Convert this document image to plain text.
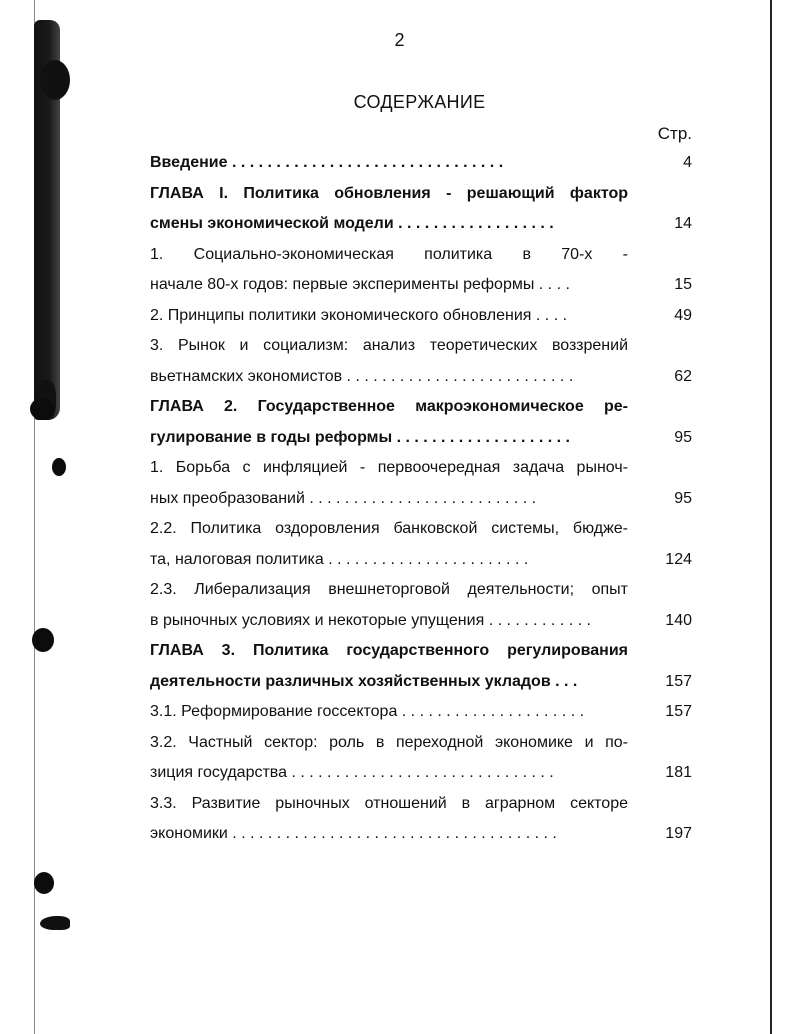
2
СОДЕРЖАНИЕ
Стр.
Введение . . . . . . . . . . . . . . . . . . . . . . . . . . . . . . .	4
ГЛАВА I. Политика обновления - решающий фактор
смены экономической модели . . . . . . . . . . . . . . . . . .	14
1. Социально-экономическая политика в 70-х -
начале 80-х годов: первые эксперименты реформы . . . .	15
2. Принципы политики экономического обновления . . . .	49
3. Рынок и социализм: анализ теоретических воззрений
вьетнамских экономистов . . . . . . . . . . . . . . . . . . . . . . . . . .	62
ГЛАВА 2. Государственное макроэкономическое ре-
гулирование в годы реформы . . . . . . . . . . . . . . . . . . . .	95
1. Борьба с инфляцией - первоочередная задача рыноч-
ных преобразований . . . . . . . . . . . . . . . . . . . . . . . . . .	95
2.2. Политика оздоровления банковской системы, бюдже-
та, налоговая политика . . . . . . . . . . . . . . . . . . . . . . .	124
2.3. Либерализация внешнеторговой деятельности; опыт
в рыночных условиях и некоторые упущения . . . . . . . . . . . .	140
ГЛАВА 3. Политика государственного регулирования
деятельности различных хозяйственных укладов . . .	157
3.1. Реформирование госсектора . . . . . . . . . . . . . . . . . . . . .	157
3.2. Частный сектор: роль в переходной экономике и по-
зиция государства . . . . . . . . . . . . . . . . . . . . . . . . . . . . . .	181
3.3. Развитие рыночных отношений в аграрном секторе
экономики . . . . . . . . . . . . . . . . . . . . . . . . . . . . . . . . . . . . .	197
